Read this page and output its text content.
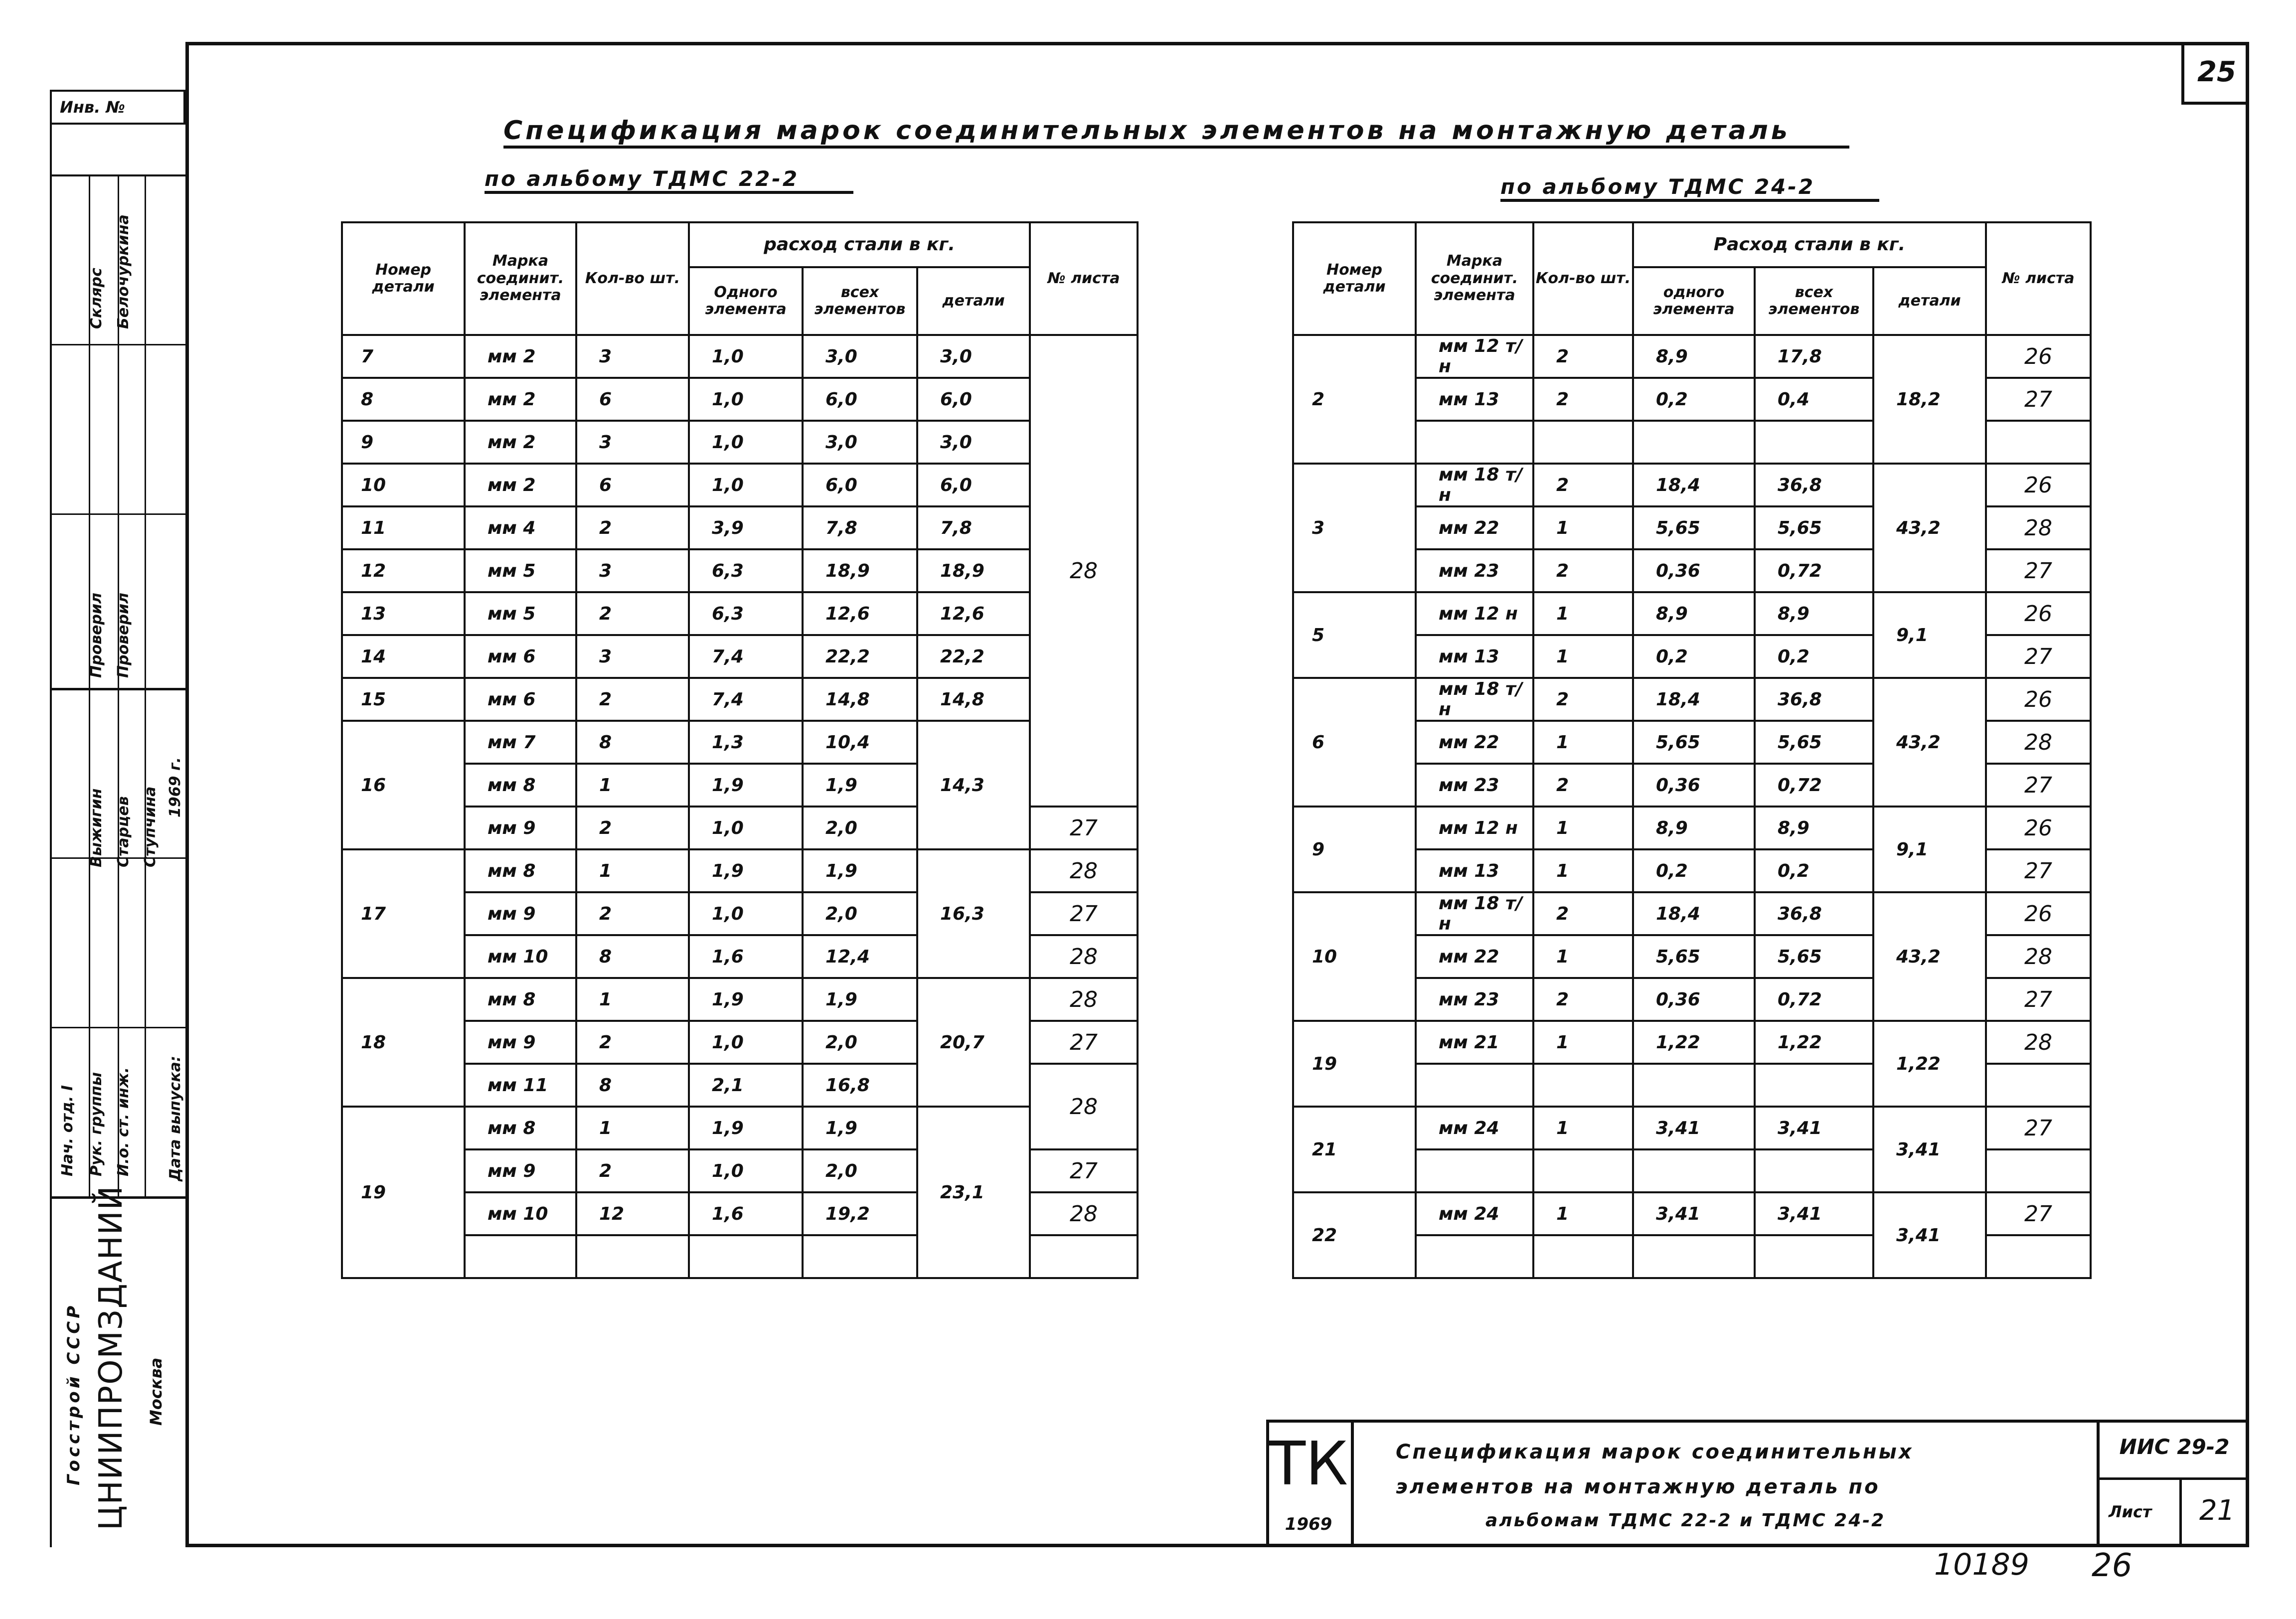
25
Инв. №
Нач. отд. I Рук. группы И.о. ст. инж.
Проверил Проверил
Выжигин Старцев Ступчина
Склярс Белочуркина
Дата выпуска:
1969 г.
Госстрой СССР ЦНИИПРОМЗДАНИЙ Москва
Спецификация марок соединительных элементов на монтажную деталь
по альбому ТДМС 22-2	по альбому ТДМС 24-2
Номер детали	Марка соединит. элемента	Кол-во шт.	расход стали в кг.			№ листа
			Одного элемента	всех элементов	детали	
7	мм 2	3	1,0	3,0	3,0	28
8	мм 2	6	1,0	6,0	6,0	
9	мм 2	3	1,0	3,0	3,0	
10	мм 2	6	1,0	6,0	6,0	
11	мм 4	2	3,9	7,8	7,8	
12	мм 5	3	6,3	18,9	18,9	
13	мм 5	2	6,3	12,6	12,6	
14	мм 6	3	7,4	22,2	22,2	
15	мм 6	2	7,4	14,8	14,8	
16	мм 7	8	1,3	10,4	14,3	
	мм 8	1	1,9	1,9		
	мм 9	2	1,0	2,0		27
17	мм 8	1	1,9	1,9	16,3	28
	мм 9	2	1,0	2,0		27
	мм 10	8	1,6	12,4		28
18	мм 8	1	1,9	1,9	20,7	28
	мм 9	2	1,0	2,0		27
	мм 11	8	2,1	16,8		28
19	мм 8	1	1,9	1,9	23,1	
	мм 9	2	1,0	2,0		27
	мм 10	12	1,6	19,2		28

Номер детали	Марка соединит. элемента	Кол-во шт.	Расход стали в кг.			№ листа
			одного элемента	всех элементов	детали	
2	мм 12 т/н	2	8,9	17,8	18,2	26
	мм 13	2	0,2	0,4		27

3	мм 18 т/н	2	18,4	36,8	43,2	26
	мм 22	1	5,65	5,65		28
	мм 23	2	0,36	0,72		27
5	мм 12 н	1	8,9	8,9	9,1	26
	мм 13	1	0,2	0,2		27
6	мм 18 т/н	2	18,4	36,8	43,2	26
	мм 22	1	5,65	5,65		28
	мм 23	2	0,36	0,72		27
9	мм 12 н	1	8,9	8,9	9,1	26
	мм 13	1	0,2	0,2		27
10	мм 18 т/н	2	18,4	36,8	43,2	26
	мм 22	1	5,65	5,65		28
	мм 23	2	0,36	0,72		27
19	мм 21	1	1,22	1,22	1,22	28

21	мм 24	1	3,41	3,41	3,41	27

22	мм 24	1	3,41	3,41	3,41	27

ТК
1969
Спецификация марок соединительных
элементов на монтажную деталь по
альбомам ТДМС 22-2 и ТДМС 24-2
ИИС 29-2
Лист 21
10189 26
